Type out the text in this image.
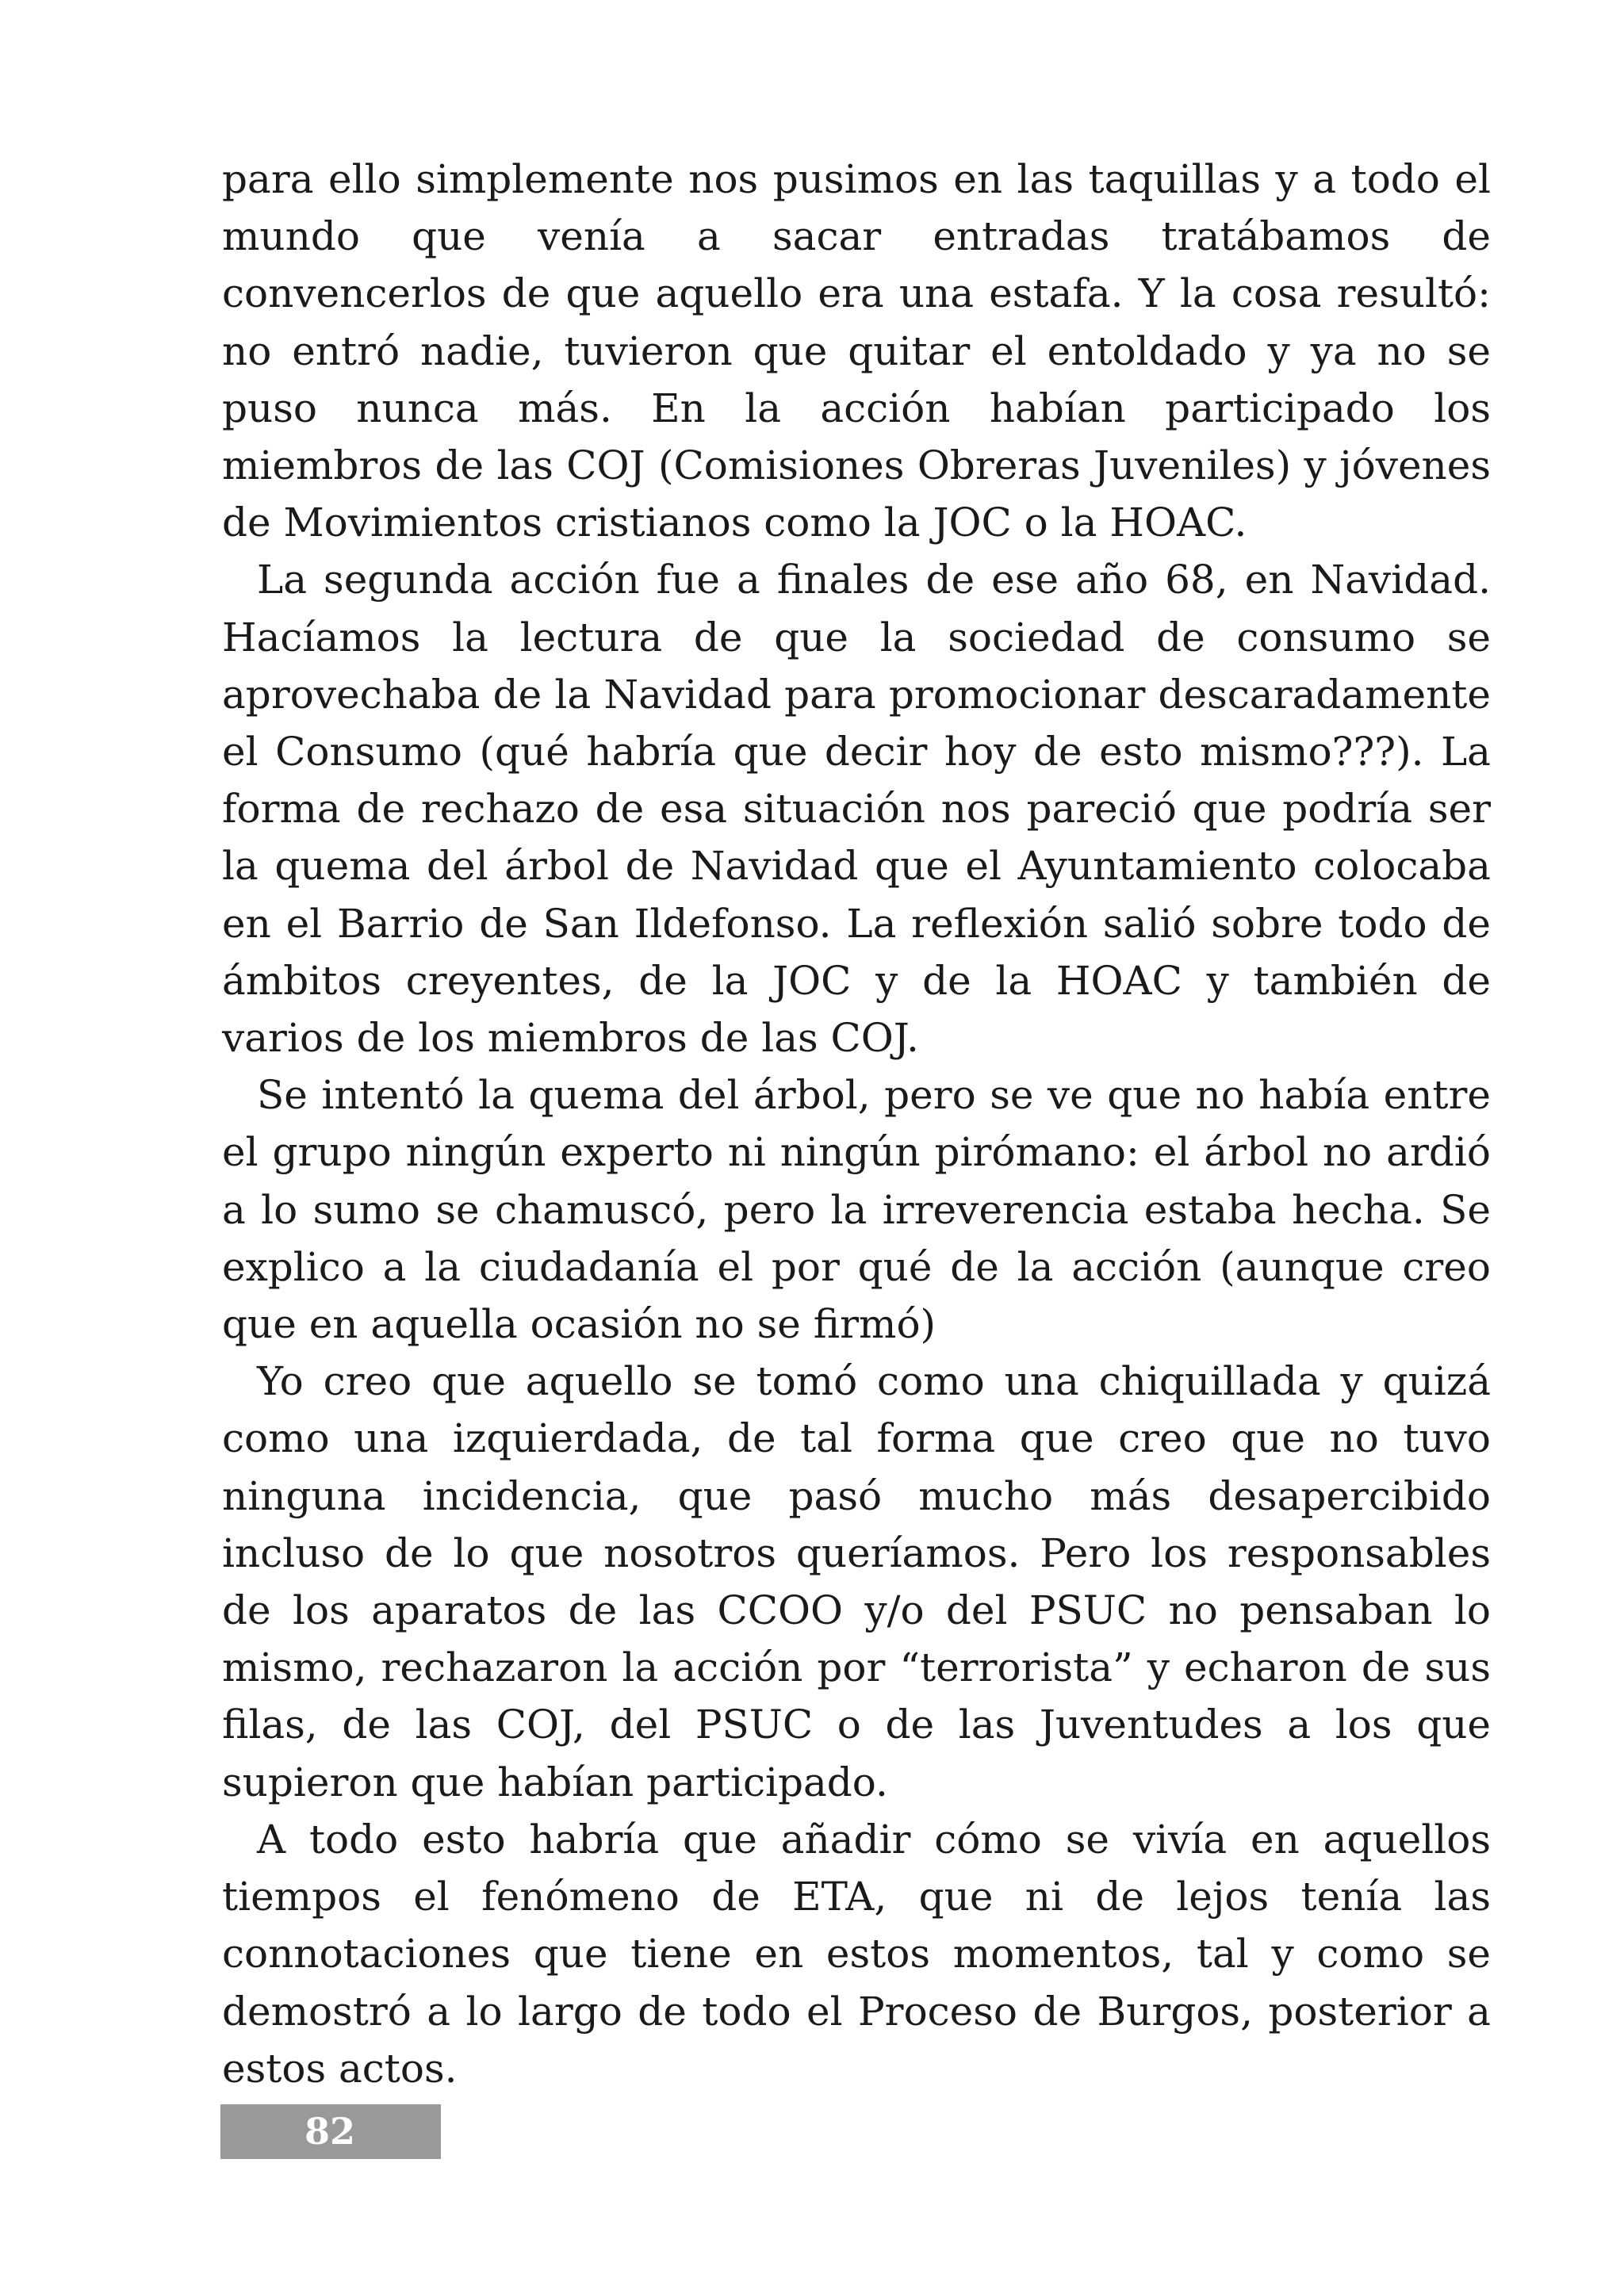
para ello simplemente nos pusimos en las taquillas y a todo el mundo que venía a sacar entradas tratábamos de convencerlos de que aquello era una estafa. Y la cosa resultó: no entró nadie, tuvieron que quitar el entoldado y ya no se puso nunca más. En la acción habían participado los miembros de las COJ (Comisiones Obreras Juveniles) y jóvenes de Movimientos cristianos como la JOC o la HOAC.

La segunda acción fue a finales de ese año 68, en Navidad. Hacíamos la lectura de que la sociedad de consumo se aprovechaba de la Navidad para promocionar descaradamente el Consumo (qué habría que decir hoy de esto mismo???). La forma de rechazo de esa situación nos pareció que podría ser la quema del árbol de Navidad que el Ayuntamiento colocaba en el Barrio de San Ildefonso. La reflexión salió sobre todo de ámbitos creyentes, de la JOC y de la HOAC y también de varios de los miembros de las COJ.

Se intentó la quema del árbol, pero se ve que no había entre el grupo ningún experto ni ningún pirómano: el árbol no ardió a lo sumo se chamuscó, pero la irreverencia estaba hecha. Se explico a la ciudadanía el por qué de la acción (aunque creo que en aquella ocasión no se firmó)

Yo creo que aquello se tomó como una chiquillada y quizá como una izquierdada, de tal forma que creo que no tuvo ninguna incidencia, que pasó mucho más desapercibido incluso de lo que nosotros queríamos. Pero los responsables de los aparatos de las CCOO y/o del PSUC no pensaban lo mismo, rechazaron la acción por “terrorista” y echaron de sus filas, de las COJ, del PSUC o de las Juventudes a los que supieron que habían participado.

A todo esto habría que añadir cómo se vivía en aquellos tiempos el fenómeno de ETA, que ni de lejos tenía las connotaciones que tiene en estos momentos, tal y como se demostró a lo largo de todo el Proceso de Burgos, posterior a estos actos.

82
